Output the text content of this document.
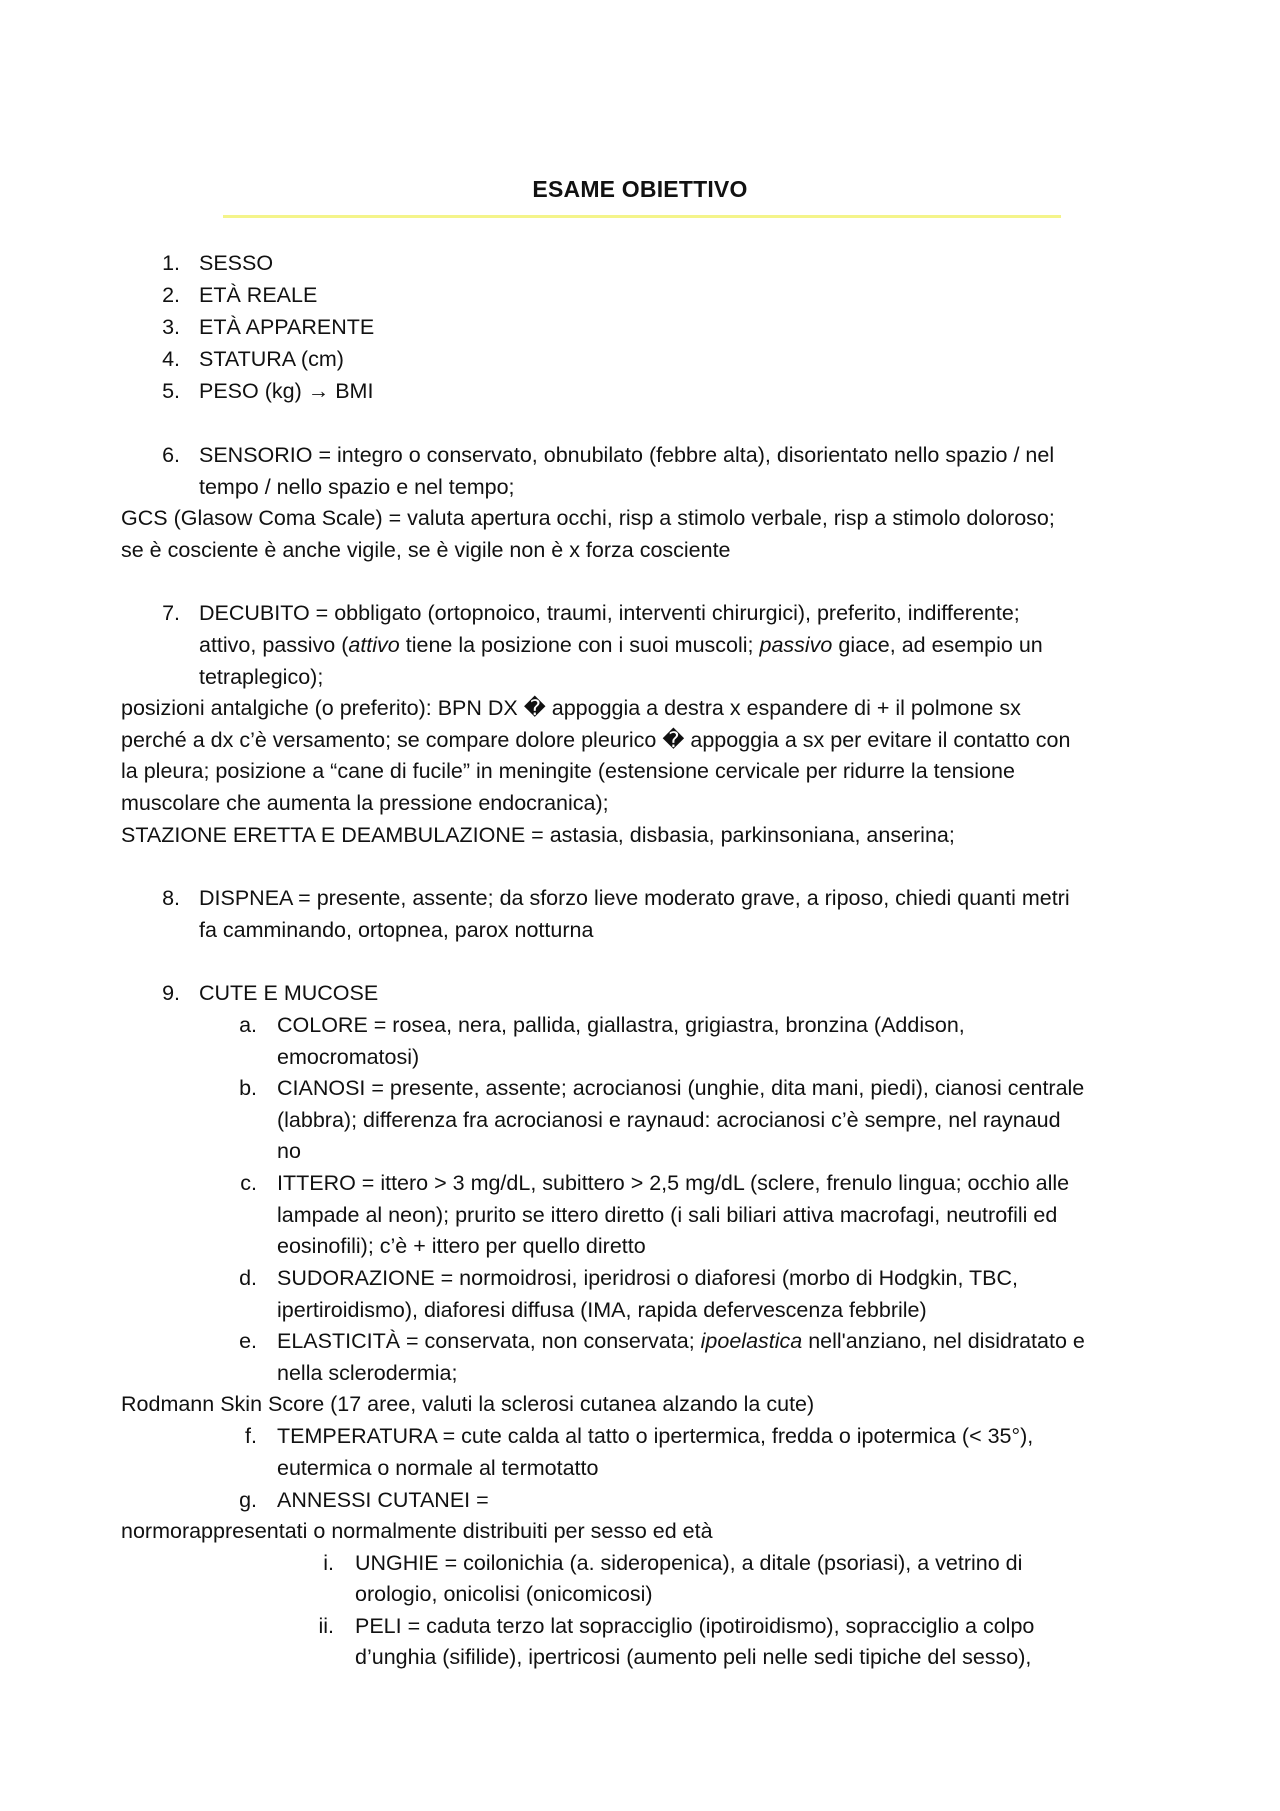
ESAME OBIETTIVO
1. SESSO
2. ETÀ REALE
3. ETÀ APPARENTE
4. STATURA (cm)
5. PESO (kg) → BMI
6. SENSORIO = integro o conservato, obnubilato (febbre alta), disorientato nello spazio / nel
tempo / nello spazio e nel tempo;
GCS (Glasow Coma Scale) = valuta apertura occhi, risp a stimolo verbale, risp a stimolo doloroso;
se è cosciente è anche vigile, se è vigile non è x forza cosciente
7. DECUBITO = obbligato (ortopnoico, traumi, interventi chirurgici), preferito, indifferente;
attivo, passivo (attivo tiene la posizione con i suoi muscoli; passivo giace, ad esempio un
tetraplegico);
posizioni antalgiche (o preferito): BPN DX � appoggia a destra x espandere di + il polmone sx
perché a dx c’è versamento; se compare dolore pleurico � appoggia a sx per evitare il contatto con
la pleura; posizione a “cane di fucile” in meningite (estensione cervicale per ridurre la tensione
muscolare che aumenta la pressione endocranica);
STAZIONE ERETTA E DEAMBULAZIONE = astasia, disbasia, parkinsoniana, anserina;
8. DISPNEA = presente, assente; da sforzo lieve moderato grave, a riposo, chiedi quanti metri
fa camminando, ortopnea, parox notturna
9. CUTE E MUCOSE
a. COLORE = rosea, nera, pallida, giallastra, grigiastra, bronzina (Addison,
emocromatosi)
b. CIANOSI = presente, assente; acrocianosi (unghie, dita mani, piedi), cianosi centrale
(labbra); differenza fra acrocianosi e raynaud: acrocianosi c’è sempre, nel raynaud
no
c. ITTERO = ittero > 3 mg/dL, subittero > 2,5 mg/dL (sclere, frenulo lingua; occhio alle
lampade al neon); prurito se ittero diretto (i sali biliari attiva macrofagi, neutrofili ed
eosinofili); c’è + ittero per quello diretto
d. SUDORAZIONE = normoidrosi, iperidrosi o diaforesi (morbo di Hodgkin, TBC,
ipertiroidismo), diaforesi diffusa (IMA, rapida defervescenza febbrile)
e. ELASTICITÀ = conservata, non conservata; ipoelastica nell'anziano, nel disidratato e
nella sclerodermia;
Rodmann Skin Score (17 aree, valuti la sclerosi cutanea alzando la cute)
f. TEMPERATURA = cute calda al tatto o ipertermica, fredda o ipotermica (< 35°),
eutermica o normale al termotatto
g. ANNESSI CUTANEI =
normorappresentati o normalmente distribuiti per sesso ed età
i. UNGHIE = coilonichia (a. sideropenica), a ditale (psoriasi), a vetrino di
orologio, onicolisi (onicomicosi)
ii. PELI = caduta terzo lat sopracciglio (ipotiroidismo), sopracciglio a colpo
d’unghia (sifilide), ipertricosi (aumento peli nelle sedi tipiche del sesso),
